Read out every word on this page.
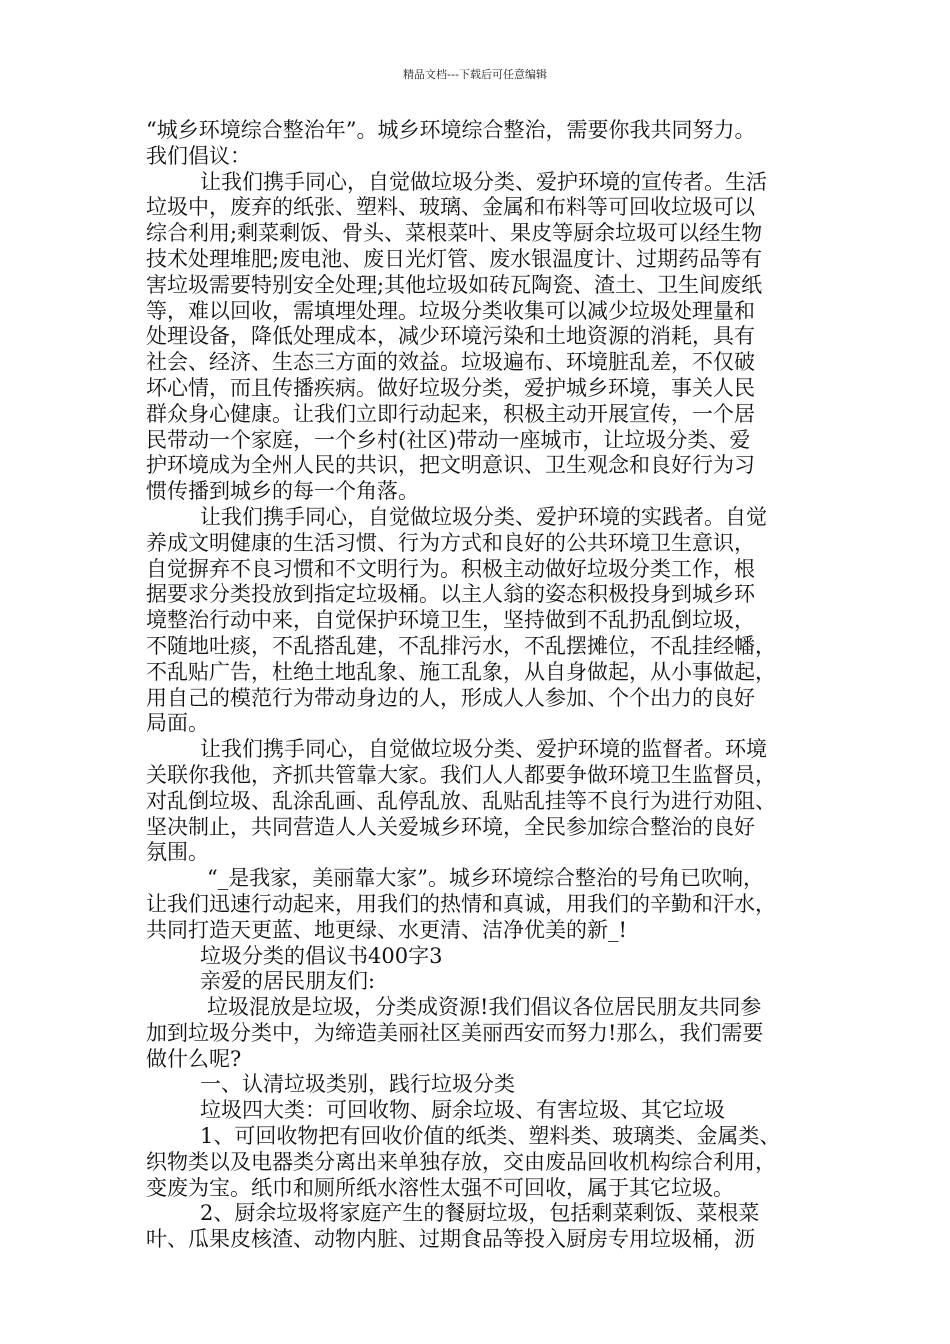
精品文档---下载后可任意编辑

“城乡环境综合整治年”。城乡环境综合整治，需要你我共同努力。

我们倡议：

让我们携手同心，自觉做垃圾分类、爱护环境的宣传者。生活

垃圾中，废弃的纸张、塑料、玻璃、金属和布料等可回收垃圾可以

综合利用;剩菜剩饭、骨头、菜根菜叶、果皮等厨余垃圾可以经生物

技术处理堆肥;废电池、废日光灯管、废水银温度计、过期药品等有

害垃圾需要特别安全处理;其他垃圾如砖瓦陶瓷、渣土、卫生间废纸

等，难以回收，需填埋处理。垃圾分类收集可以减少垃圾处理量和

处理设备，降低处理成本，减少环境污染和土地资源的消耗，具有

社会、经济、生态三方面的效益。垃圾遍布、环境脏乱差，不仅破

坏心情，而且传播疾病。做好垃圾分类，爱护城乡环境，事关人民

群众身心健康。让我们立即行动起来，积极主动开展宣传，一个居

民带动一个家庭，一个乡村(社区)带动一座城市，让垃圾分类、爱

护环境成为全州人民的共识，把文明意识、卫生观念和良好行为习

惯传播到城乡的每一个角落。

让我们携手同心，自觉做垃圾分类、爱护环境的实践者。自觉

养成文明健康的生活习惯、行为方式和良好的公共环境卫生意识，

自觉摒弃不良习惯和不文明行为。积极主动做好垃圾分类工作，根

据要求分类投放到指定垃圾桶。以主人翁的姿态积极投身到城乡环

境整治行动中来，自觉保护环境卫生，坚持做到不乱扔乱倒垃圾，

不随地吐痰，不乱搭乱建，不乱排污水，不乱摆摊位，不乱挂经幡，

不乱贴广告，杜绝土地乱象、施工乱象，从自身做起，从小事做起，

用自己的模范行为带动身边的人，形成人人参加、个个出力的良好

局面。

让我们携手同心，自觉做垃圾分类、爱护环境的监督者。环境

关联你我他，齐抓共管靠大家。我们人人都要争做环境卫生监督员，

对乱倒垃圾、乱涂乱画、乱停乱放、乱贴乱挂等不良行为进行劝阻、

坚决制止，共同营造人人关爱城乡环境，全民参加综合整治的良好

氛围。

“_是我家，美丽靠大家”。城乡环境综合整治的号角已吹响，

让我们迅速行动起来，用我们的热情和真诚，用我们的辛勤和汗水，

共同打造天更蓝、地更绿、水更清、洁净优美的新_!

垃圾分类的倡议书400字3

亲爱的居民朋友们:

垃圾混放是垃圾，分类成资源!我们倡议各位居民朋友共同参

加到垃圾分类中，为缔造美丽社区美丽西安而努力!那么，我们需要

做什么呢?

一、认清垃圾类别，践行垃圾分类

垃圾四大类：可回收物、厨余垃圾、有害垃圾、其它垃圾

1、可回收物把有回收价值的纸类、塑料类、玻璃类、金属类、

织物类以及电器类分离出来单独存放，交由废品回收机构综合利用，

变废为宝。纸巾和厕所纸水溶性太强不可回收，属于其它垃圾。

2、厨余垃圾将家庭产生的餐厨垃圾，包括剩菜剩饭、菜根菜

叶、瓜果皮核渣、动物内脏、过期食品等投入厨房专用垃圾桶，沥
